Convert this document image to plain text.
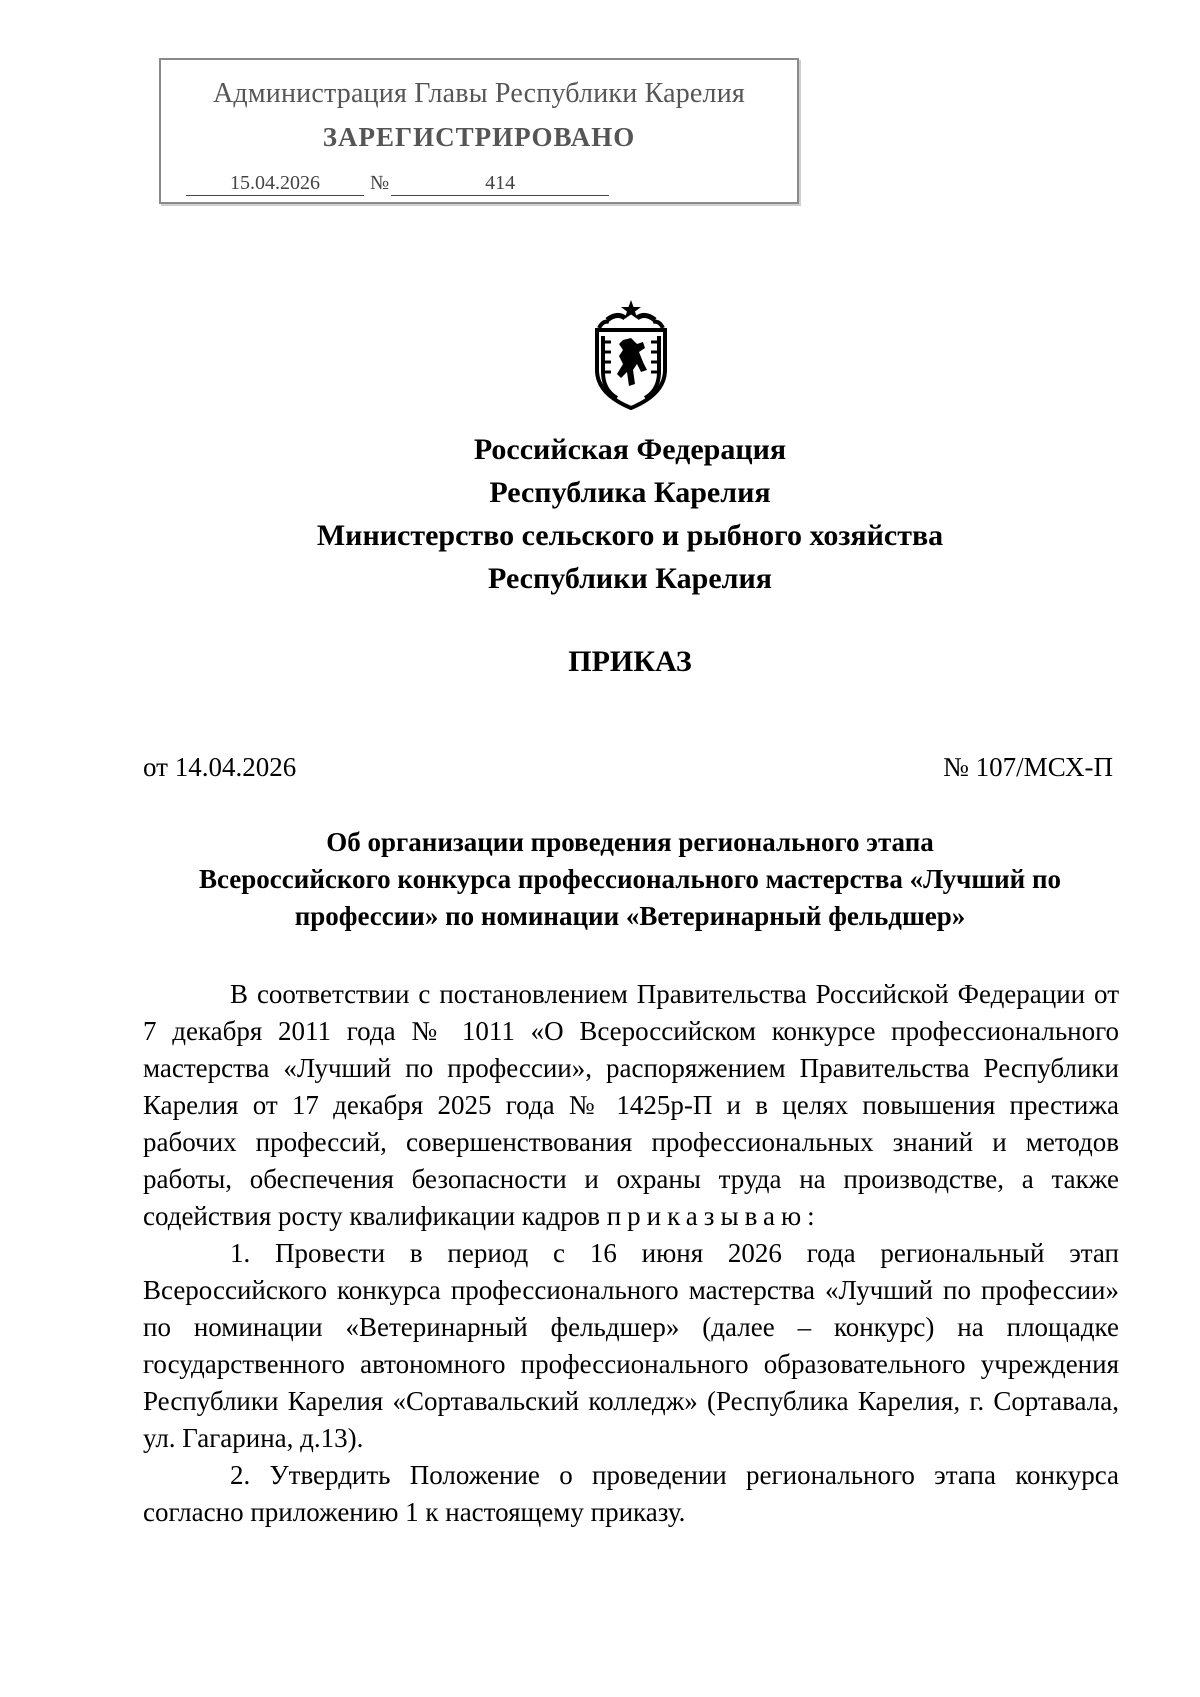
Администрация Главы Республики Карелия
ЗАРЕГИСТРИРОВАНО
15.04.2026	№	414
Российская Федерация
Республика Карелия
Министерство сельского и рыбного хозяйства
Республики Карелия
ПРИКАЗ
от 14.04.2026	№ 107/МСХ-П
Об организации проведения регионального этапа
Всероссийского конкурса профессионального мастерства «Лучший по
профессии» по номинации «Ветеринарный фельдшер»

В соответствии с постановлением Правительства Российской Федерации от 7 декабря 2011 года № 1011 «О Всероссийском конкурсе профессионального мастерства «Лучший по профессии», распоряжением Правительства Республики Карелия от 17 декабря 2025 года № 1425р-П и в целях повышения престижа рабочих профессий, совершенствования профессиональных знаний и методов работы, обеспечения безопасности и охраны труда на производстве, а также содействия росту квалификации кадров приказываю:

1. Провести в период с 16 июня 2026 года региональный этап Всероссийского конкурса профессионального мастерства «Лучший по профессии» по номинации «Ветеринарный фельдшер» (далее – конкурс) на площадке государственного автономного профессионального образовательного учреждения Республики Карелия «Сортавальский колледж» (Республика Карелия, г. Сортавала, ул. Гагарина, д.13).

2. Утвердить Положение о проведении регионального этапа конкурса согласно приложению 1 к настоящему приказу.
